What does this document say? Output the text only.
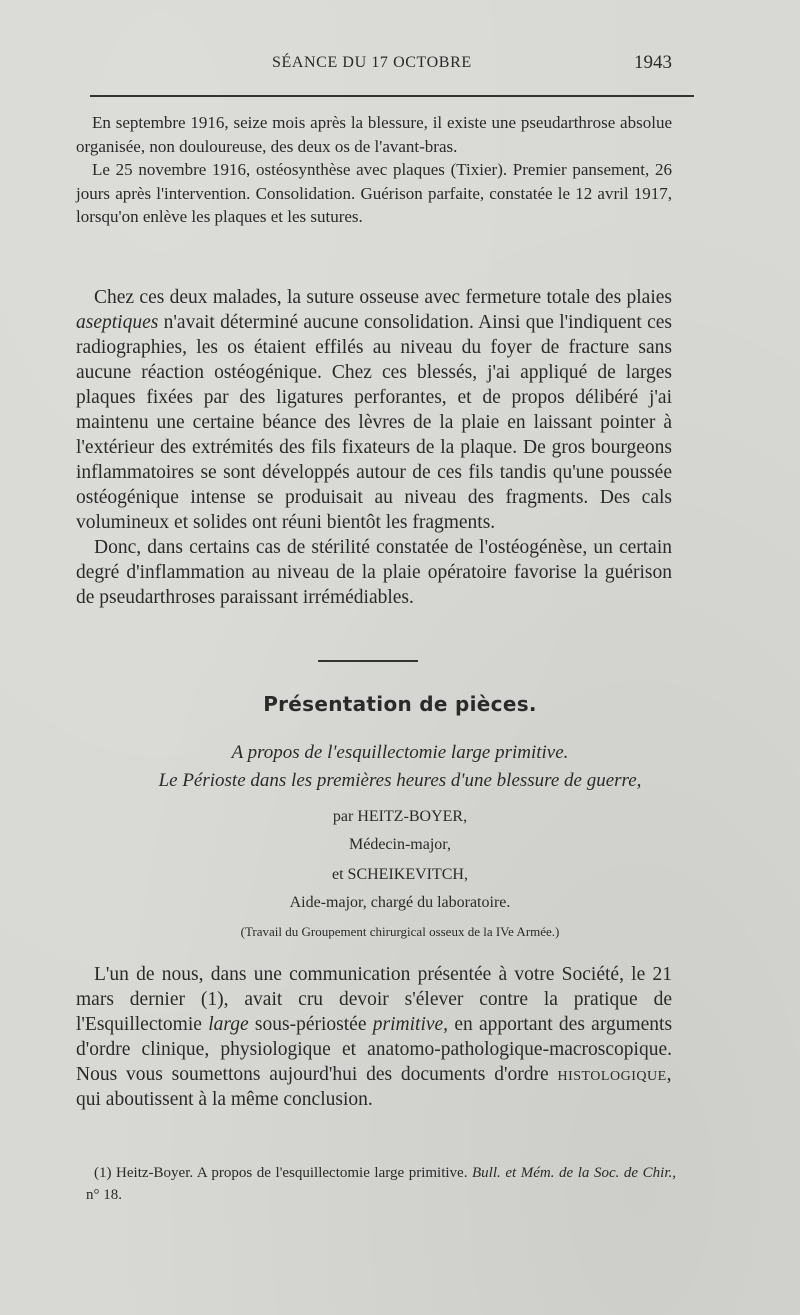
SÉANCE DU 17 OCTOBRE	1943

En septembre 1916, seize mois après la blessure, il existe une pseudarthrose absolue organisée, non douloureuse, des deux os de l'avant-bras.

Le 25 novembre 1916, ostéosynthèse avec plaques (Tixier). Premier pansement, 26 jours après l'intervention. Consolidation. Guérison parfaite, constatée le 12 avril 1917, lorsqu'on enlève les plaques et les sutures.

Chez ces deux malades, la suture osseuse avec fermeture totale des plaies aseptiques n'avait déterminé aucune consolidation. Ainsi que l'indiquent ces radiographies, les os étaient effilés au niveau du foyer de fracture sans aucune réaction ostéogénique. Chez ces blessés, j'ai appliqué de larges plaques fixées par des ligatures perforantes, et de propos délibéré j'ai maintenu une certaine béance des lèvres de la plaie en laissant pointer à l'extérieur des extrémités des fils fixateurs de la plaque. De gros bourgeons inflammatoires se sont développés autour de ces fils tandis qu'une poussée ostéogénique intense se produisait au niveau des fragments. Des cals volumineux et solides ont réuni bientôt les fragments.

Donc, dans certains cas de stérilité constatée de l'ostéogénèse, un certain degré d'inflammation au niveau de la plaie opératoire favorise la guérison de pseudarthroses paraissant irrémédiables.

Présentation de pièces.
A propos de l'esquillectomie large primitive.
Le Périoste dans les premières heures d'une blessure de guerre,
par HEITZ-BOYER,
Médecin-major,
et SCHEIKEVITCH,
Aide-major, chargé du laboratoire.
(Travail du Groupement chirurgical osseux de la IVe Armée.)

L'un de nous, dans une communication présentée à votre Société, le 21 mars dernier (1), avait cru devoir s'élever contre la pratique de l'Esquillectomie large sous-périostée primitive, en apportant des arguments d'ordre clinique, physiologique et anatomo-pathologique-macroscopique. Nous vous soumettons aujourd'hui des documents d'ordre histologique, qui aboutissent à la même conclusion.

(1) Heitz-Boyer. A propos de l'esquillectomie large primitive. Bull. et Mém. de la Soc. de Chir., n° 18.
